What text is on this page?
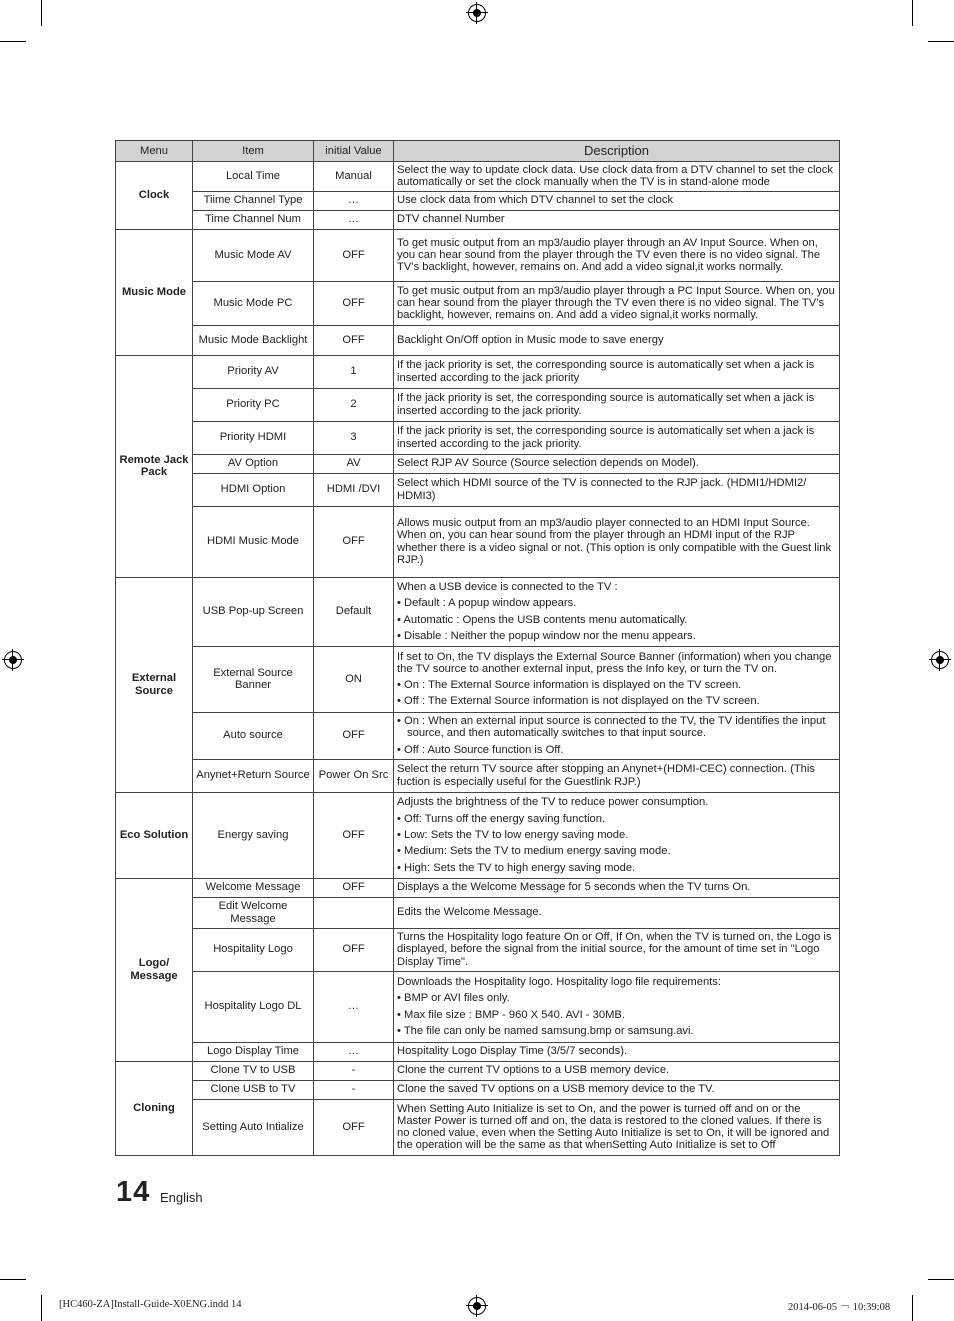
Menu	Item	initial Value	Description
Clock	Local Time	Manual	Select the way to update clock data. Use clock data from a DTV channel to set the clock automatically or set the clock manually when the TV is in stand-alone mode

	Tiime Channel Type	…	Use clock data from which DTV channel to set the clock

	Time Channel Num	…	DTV channel Number

Music Mode	Music Mode AV	OFF	To get music output from an mp3/audio player through an AV Input Source. When on, you can hear sound from the player through the TV even there is no video signal. The TV’s backlight, however, remains on. And add a video signal,it works normally.

	Music Mode PC	OFF	To get music output from an mp3/audio player through a PC Input Source. When on, you can hear sound from the player through the TV even there is no video signal. The TV’s backlight, however, remains on. And add a video signal,it works normally.

	Music Mode Backlight	OFF	Backlight On/Off option in Music mode to save energy

Remote Jack Pack	Priority AV	1	If the jack priority is set, the corresponding source is automatically set when a jack is inserted according to the jack priority

	Priority PC	2	If the jack priority is set, the corresponding source is automatically set when a jack is inserted according to the jack priority.

	Priority HDMI	3	If the jack priority is set, the corresponding source is automatically set when a jack is inserted according to the jack priority.

	AV Option	AV	Select RJP AV Source (Source selection depends on Model).

	HDMI Option	HDMI /DVI	Select which HDMI source of the TV is connected to the RJP jack. (HDMI1/HDMI2/ HDMI3)

	HDMI Music Mode	OFF	Allows music output from an mp3/audio player connected to an HDMI Input Source. When on, you can hear sound from the player through an HDMI input of the RJP whether there is a video signal or not. (This option is only compatible with the Guest link RJP.)

External Source	USB Pop-up Screen	Default	When a USB device is connected to the TV :
• Default : A popup window appears.
• Automatic : Opens the USB contents menu automatically.
• Disable : Neither the popup window nor the menu appears.

	External Source Banner	ON	If set to On, the TV displays the External Source Banner (information) when you change the TV source to another external input, press the Info key, or turn the TV on.
• On : The External Source information is displayed on the TV screen.
• Off : The External Source information is not displayed on the TV screen.

	Auto source	OFF	• On : When an external input source is connected to the TV, the TV identifies the input source, and then automatically switches to that input source.
• Off : Auto Source function is Off.

	Anynet+Return Source	Power On Src	Select the return TV source after stopping an Anynet+(HDMI-CEC) connection. (This fuction is especially useful for the Guestlink RJP.)

Eco Solution	Energy saving	OFF	Adjusts the brightness of the TV to reduce power consumption.
• Off: Turns off the energy saving function.
• Low: Sets the TV to low energy saving mode.
• Medium: Sets the TV to medium energy saving mode.
• High: Sets the TV to high energy saving mode.

Logo/ Message	Welcome Message	OFF	Displays a the Welcome Message for 5 seconds when the TV turns On.

	Edit Welcome Message		Edits the Welcome Message.

	Hospitality Logo	OFF	Turns the Hospitality logo feature On or Off, If On, when the TV is turned on, the Logo is displayed, before the signal from the initial source, for the amount of time set in "Logo Display Time".

	Hospitality Logo DL	…	Downloads the Hospitality logo. Hospitality logo file requirements:
• BMP or AVI files only.
• Max file size : BMP - 960 X 540. AVI - 30MB.
• The file can only be named samsung.bmp or samsung.avi.

	Logo Display Time	…	Hospitality Logo Display Time (3/5/7 seconds).

Cloning	Clone TV to USB	-	Clone the current TV options to a USB memory device.

	Clone USB to TV	-	Clone the saved TV options on a USB memory device to the TV.

	Setting Auto Intialize	OFF	When Setting Auto Initialize is set to On, and the power is turned off and on or the Master Power is turned off and on, the data is restored to the cloned values. If there is no cloned value, even when the Setting Auto Initialize is set to On, it will be ignored and the operation will be the same as that whenSetting Auto Initialize is set to Off
14 English
[HC460-ZA]Install-Guide-X0ENG.indd 14	2014-06-05 ￢ 10:39:08
